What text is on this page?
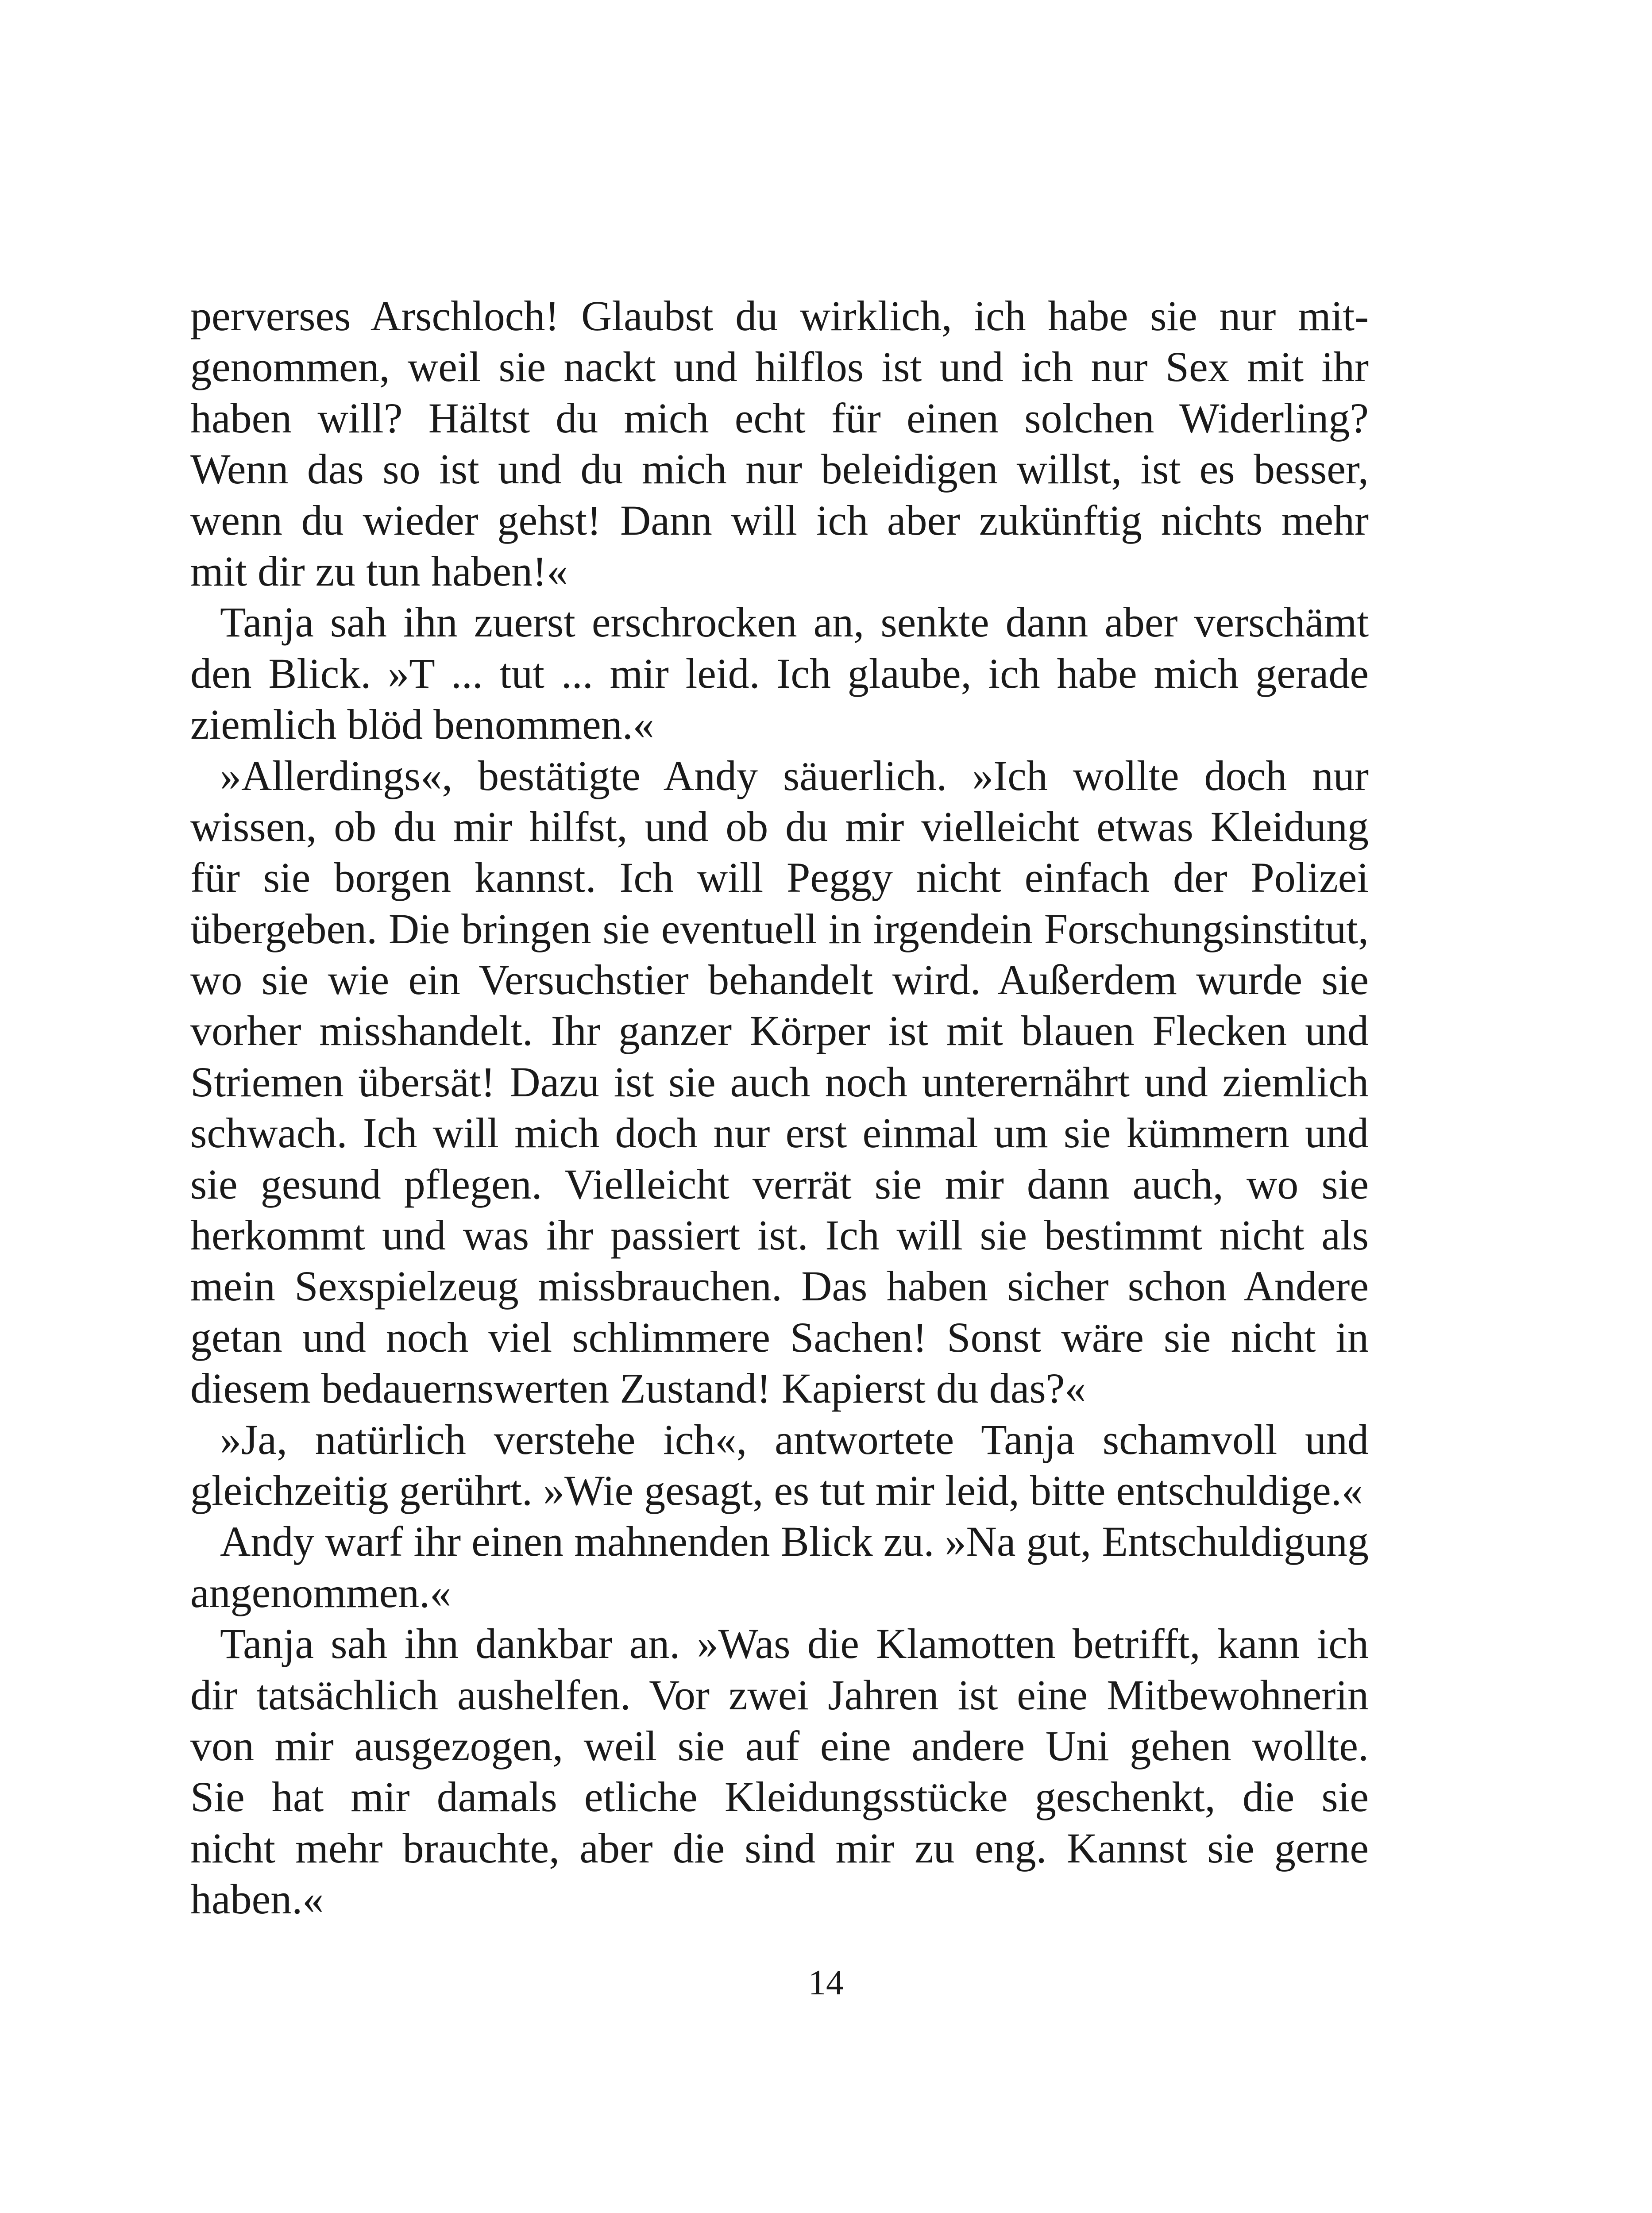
perverses Arschloch! Glaubst du wirklich, ich habe sie nur mit-
genommen, weil sie nackt und hilflos ist und ich nur Sex mit ihr
haben will? Hältst du mich echt für einen solchen Widerling?
Wenn das so ist und du mich nur beleidigen willst, ist es besser,
wenn du wieder gehst! Dann will ich aber zukünftig nichts mehr
mit dir zu tun haben!«
Tanja sah ihn zuerst erschrocken an, senkte dann aber verschämt
den Blick. »T ... tut ... mir leid. Ich glaube, ich habe mich gerade
ziemlich blöd benommen.«
»Allerdings«, bestätigte Andy säuerlich. »Ich wollte doch nur
wissen, ob du mir hilfst, und ob du mir vielleicht etwas Kleidung
für sie borgen kannst. Ich will Peggy nicht einfach der Polizei
übergeben. Die bringen sie eventuell in irgendein Forschungsinstitut,
wo sie wie ein Versuchstier behandelt wird. Außerdem wurde sie
vorher misshandelt. Ihr ganzer Körper ist mit blauen Flecken und
Striemen übersät! Dazu ist sie auch noch unterernährt und ziemlich
schwach. Ich will mich doch nur erst einmal um sie kümmern und
sie gesund pflegen. Vielleicht verrät sie mir dann auch, wo sie
herkommt und was ihr passiert ist. Ich will sie bestimmt nicht als
mein Sexspielzeug missbrauchen. Das haben sicher schon Andere
getan und noch viel schlimmere Sachen! Sonst wäre sie nicht in
diesem bedauernswerten Zustand! Kapierst du das?«
»Ja, natürlich verstehe ich«, antwortete Tanja schamvoll und
gleichzeitig gerührt. »Wie gesagt, es tut mir leid, bitte entschuldige.«
Andy warf ihr einen mahnenden Blick zu. »Na gut, Entschuldigung
angenommen.«
Tanja sah ihn dankbar an. »Was die Klamotten betrifft, kann ich
dir tatsächlich aushelfen. Vor zwei Jahren ist eine Mitbewohnerin
von mir ausgezogen, weil sie auf eine andere Uni gehen wollte.
Sie hat mir damals etliche Kleidungsstücke geschenkt, die sie
nicht mehr brauchte, aber die sind mir zu eng. Kannst sie gerne
haben.«
14
